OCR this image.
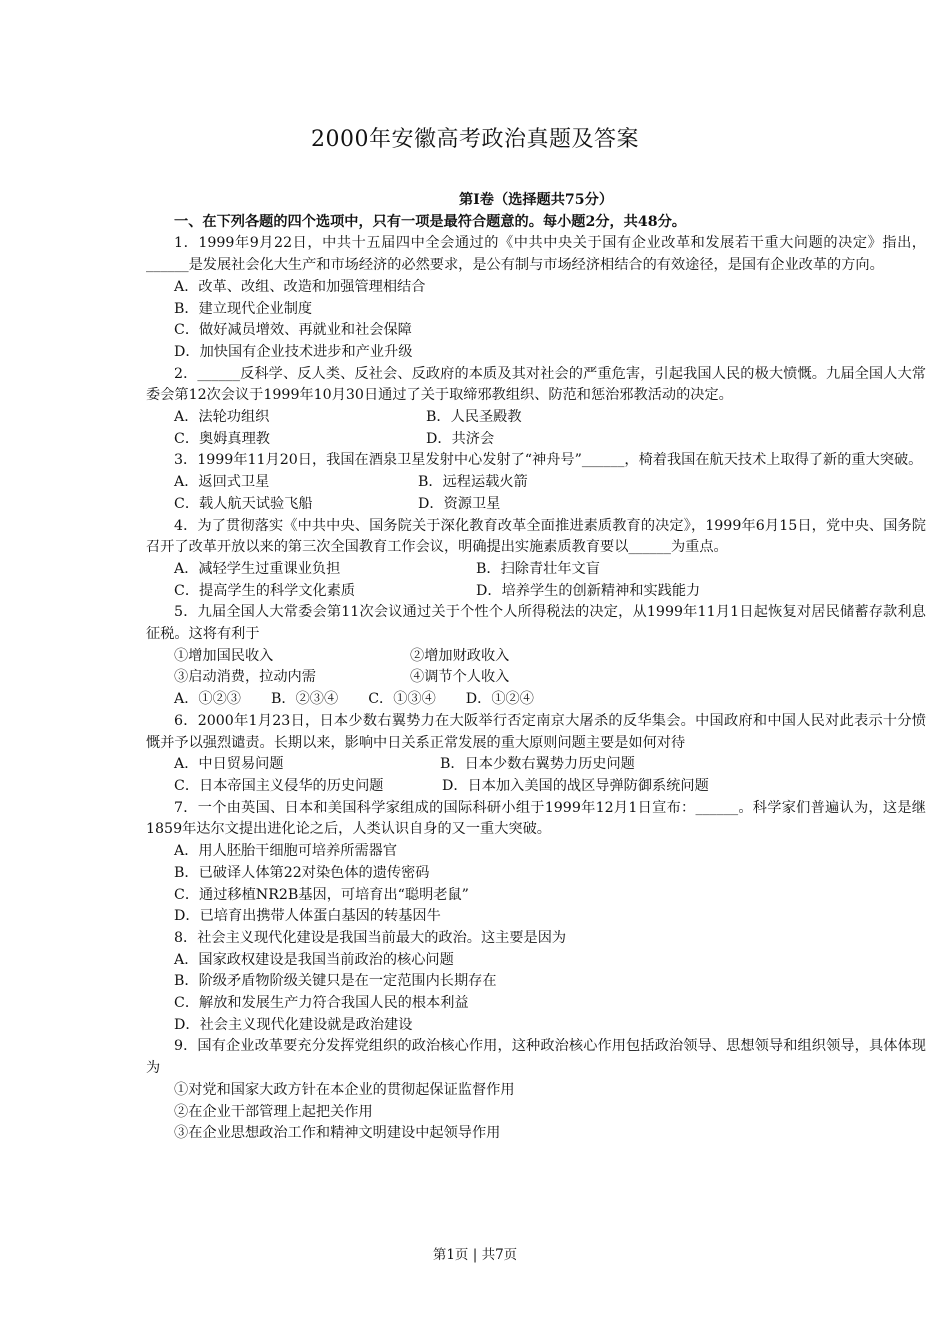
2000年安徽高考政治真题及答案
第Ⅰ卷（选择题共75分）
一、在下列各题的四个选项中，只有一项是最符合题意的。每小题2分，共48分。

1．1999年9月22日，中共十五届四中全会通过的《中共中央关于国有企业改革和发展若干重大问题的决定》指出，______是发展社会化大生产和市场经济的必然要求，是公有制与市场经济相结合的有效途径，是国有企业改革的方向。

A．改革、改组、改造和加强管理相结合
B．建立现代企业制度
C．做好减员增效、再就业和社会保障
D．加快国有企业技术进步和产业升级

2．______反科学、反人类、反社会、反政府的本质及其对社会的严重危害，引起我国人民的极大愤慨。九届全国人大常委会第12次会议于1999年10月30日通过了关于取缔邪教组织、防范和惩治邪教活动的决定。

A．法轮功组织	B．人民圣殿教
C．奥姆真理教	D．共济会

3．1999年11月20日，我国在酒泉卫星发射中心发射了“神舟号”______，椅着我国在航天技术上取得了新的重大突破。

A．返回式卫星	B．远程运载火箭
C．载人航天试验飞船	D．资源卫星

4．为了贯彻落实《中共中央、国务院关于深化教育改革全面推进素质教育的决定》，1999年6月15日，党中央、国务院召开了改革开放以来的第三次全国教育工作会议，明确提出实施素质教育要以______为重点。

A．减轻学生过重课业负担	B．扫除青壮年文盲
C．提高学生的科学文化素质	D．培养学生的创新精神和实践能力

5．九届全国人大常委会第11次会议通过关于个性个人所得税法的决定，从1999年11月1日起恢复对居民储蓄存款利息征税。这将有利于

①增加国民收入	②增加财政收入
③启动消费，拉动内需	④调节个人收入
A．①②③ B．②③④ C．①③④ D．①②④

6．2000年1月23日，日本少数右翼势力在大阪举行否定南京大屠杀的反华集会。中国政府和中国人民对此表示十分愤慨并予以强烈谴责。长期以来，影响中日关系正常发展的重大原则问题主要是如何对待

A．中日贸易问题	B．日本少数右翼势力历史问题
C．日本帝国主义侵华的历史问题	D．日本加入美国的战区导弹防御系统问题

7．一个由英国、日本和美国科学家组成的国际科研小组于1999年12月1日宣布：______。科学家们普遍认为，这是继1859年达尔文提出进化论之后，人类认识自身的又一重大突破。

A．用人胚胎干细胞可培养所需器官
B．已破译人体第22对染色体的遗传密码
C．通过移植NR2B基因，可培育出“聪明老鼠”
D．已培育出携带人体蛋白基因的转基因牛

8．社会主义现代化建设是我国当前最大的政治。这主要是因为

A．国家政权建设是我国当前政治的核心问题
B．阶级矛盾物阶级关键只是在一定范围内长期存在
C．解放和发展生产力符合我国人民的根本利益
D．社会主义现代化建设就是政治建设

9．国有企业改革要充分发挥党组织的政治核心作用，这种政治核心作用包括政治领导、思想领导和组织领导，具体体现为

①对党和国家大政方针在本企业的贯彻起保证监督作用
②在企业干部管理上起把关作用
③在企业思想政治工作和精神文明建设中起领导作用
第1页 | 共7页
